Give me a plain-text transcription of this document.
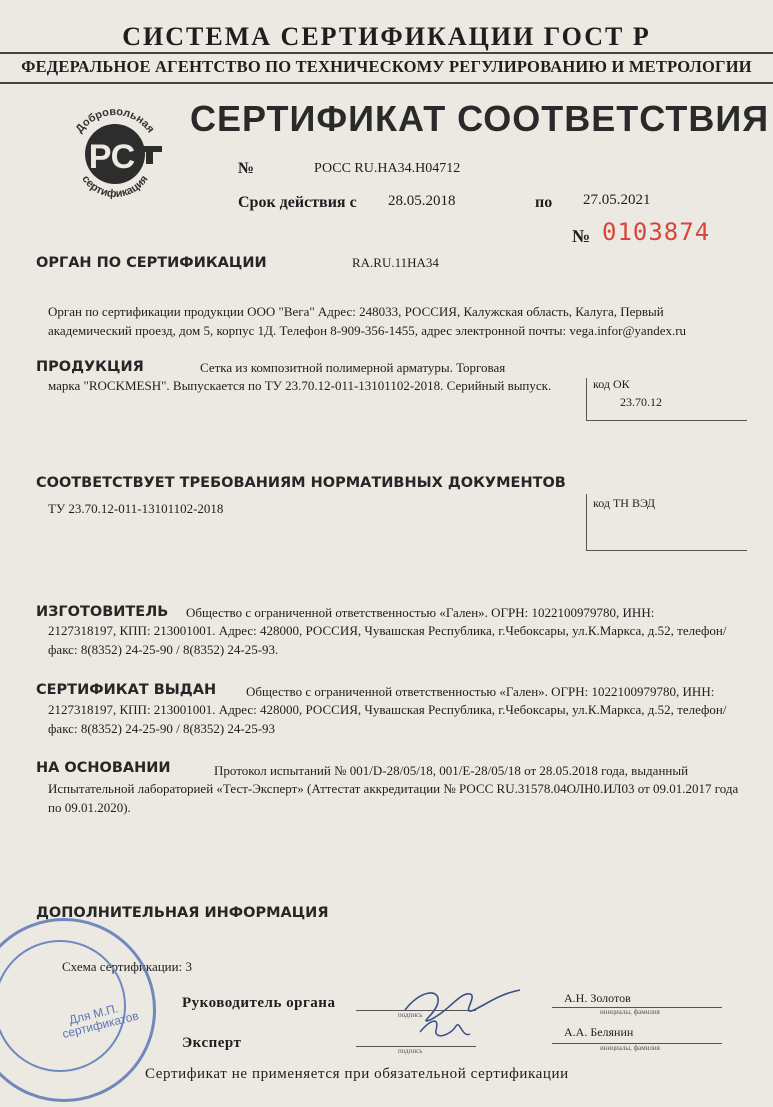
СИСТЕМА СЕРТИФИКАЦИИ ГОСТ Р
ФЕДЕРАЛЬНОЕ АГЕНТСТВО ПО ТЕХНИЧЕСКОМУ РЕГУЛИРОВАНИЮ И МЕТРОЛОГИИ
Добровольная
сертификация
РС
СЕРТИФИКАТ СООТВЕТСТВИЯ
№	РОСС RU.HA34.H04712
Срок действия с 28.05.2018	по 27.05.2021
№ 0103874
ОРГАН ПО СЕРТИФИКАЦИИ	RA.RU.11HA34
Орган по сертификации продукции ООО "Вега" Адрес: 248033, РОССИЯ, Калужская область, Калуга, Первый академический проезд, дом 5, корпус 1Д. Телефон 8-909-356-1455, адрес электронной почты: vega.infor@yandex.ru
ПРОДУКЦИЯ	Сетка из композитной полимерной арматуры. Торговая
марка "ROCKMESH". Выпускается по ТУ 23.70.12-011-13101102-2018. Серийный выпуск.	код ОК
23.70.12
СООТВЕТСТВУЕТ ТРЕБОВАНИЯМ НОРМАТИВНЫХ ДОКУМЕНТОВ
ТУ 23.70.12-011-13101102-2018	код ТН ВЭД
ИЗГОТОВИТЕЛЬ Общество с ограниченной ответственностью «Гален». ОГРН: 1022100979780, ИНН:
2127318197, КПП: 213001001. Адрес: 428000, РОССИЯ, Чувашская Республика, г.Чебоксары, ул.К.Маркса, д.52, телефон/факс: 8(8352) 24-25-90 / 8(8352) 24-25-93.
СЕРТИФИКАТ ВЫДАН Общество с ограниченной ответственностью «Гален». ОГРН: 1022100979780, ИНН:
2127318197, КПП: 213001001. Адрес: 428000, РОССИЯ, Чувашская Республика, г.Чебоксары, ул.К.Маркса, д.52, телефон/факс: 8(8352) 24-25-90 / 8(8352) 24-25-93
НА ОСНОВАНИИ	Протокол испытаний № 001/D-28/05/18, 001/E-28/05/18 от 28.05.2018 года, выданный
Испытательной лабораторией «Тест-Эксперт» (Аттестат аккредитации № РОСС RU.31578.04ОЛН0.ИЛ03 от 09.01.2017 года по 09.01.2020).
ДОПОЛНИТЕЛЬНАЯ ИНФОРМАЦИЯ
Схема сертификации: 3
Для М.П. сертификатов
Руководитель органа
подпись
А.Н. Золотов
инициалы, фамилия
Эксперт	подпись
А.А. Белянин
инициалы, фамилия
Сертификат не применяется при обязательной сертификации
